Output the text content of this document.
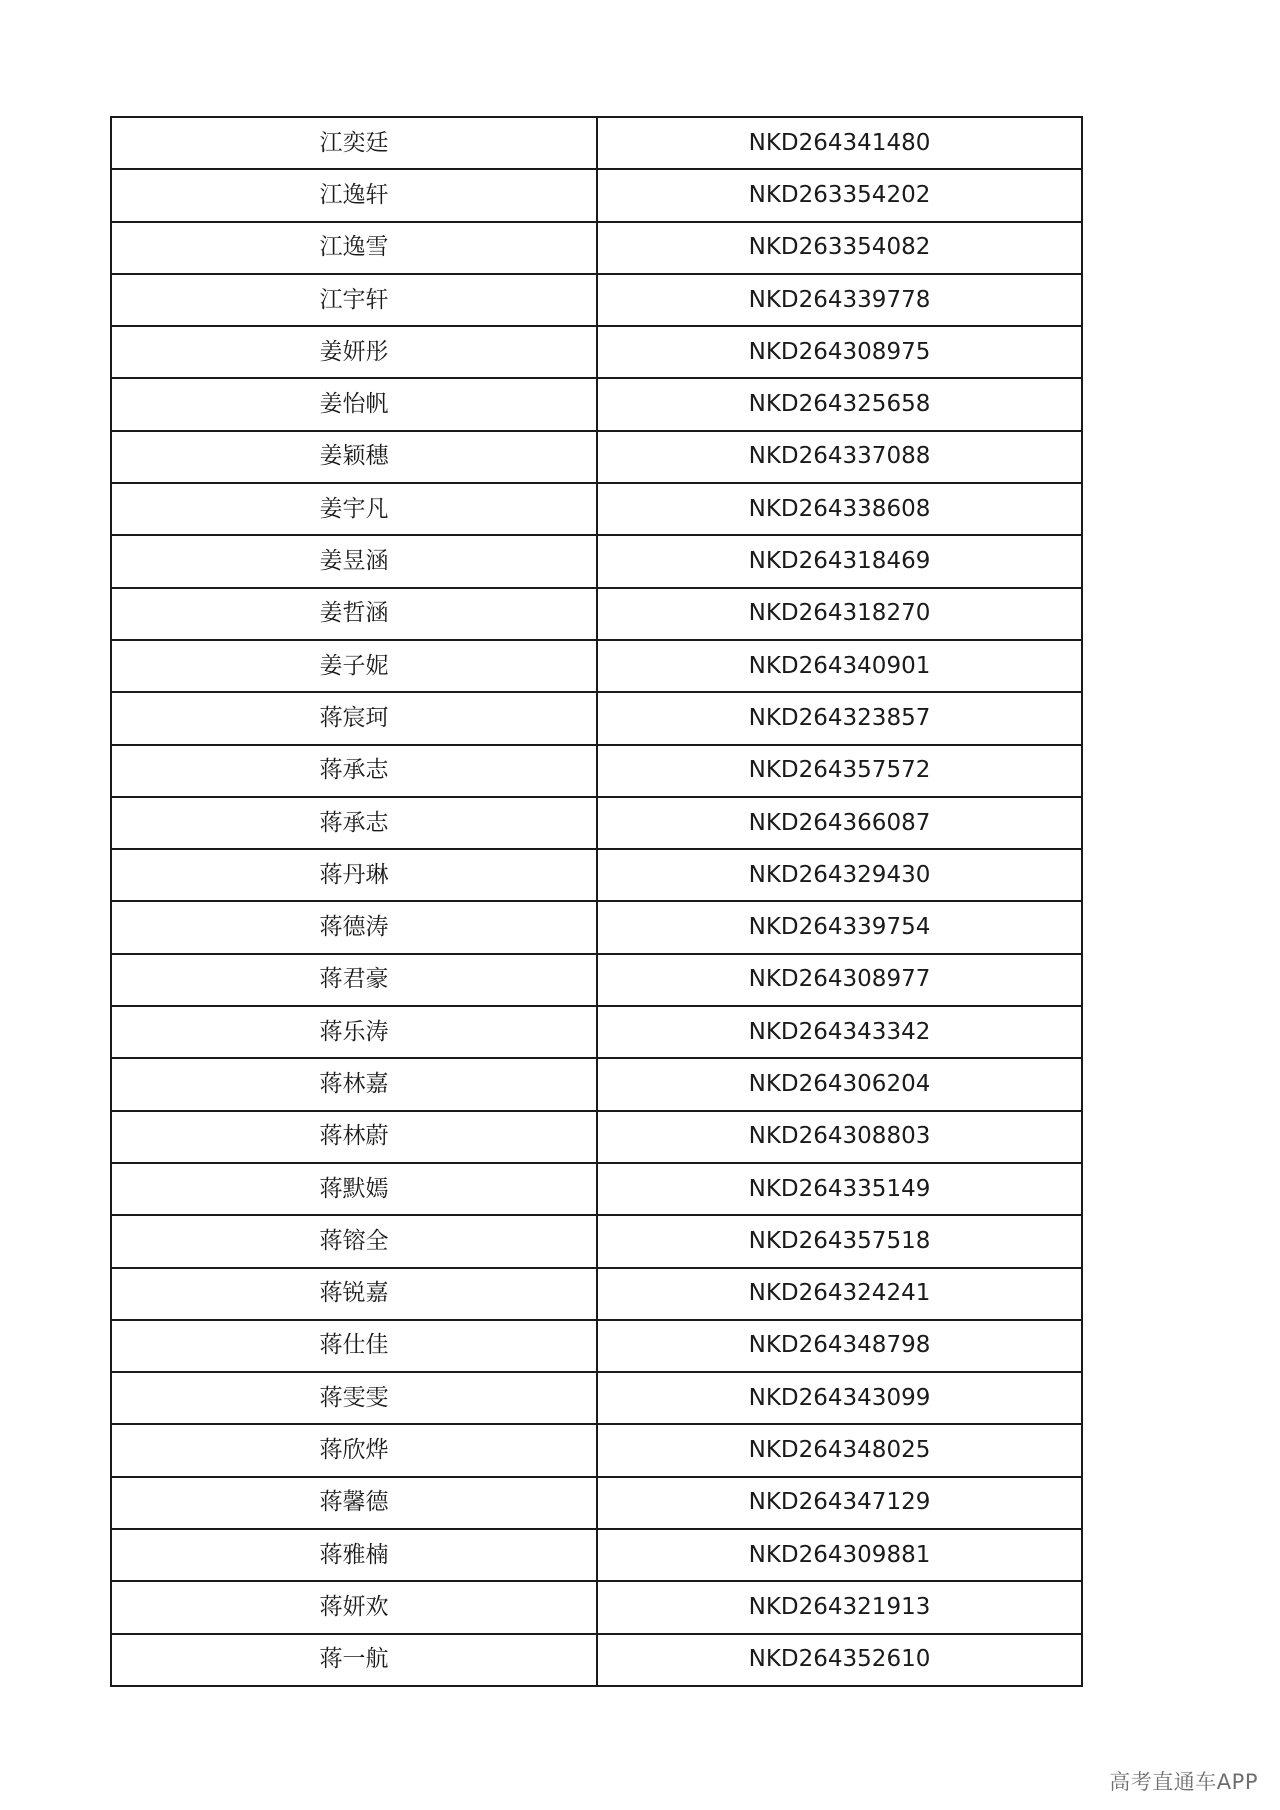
江奕廷	NKD264341480
江逸轩	NKD263354202
江逸雪	NKD263354082
江宇轩	NKD264339778
姜妍彤	NKD264308975
姜怡帆	NKD264325658
姜颖穗	NKD264337088
姜宇凡	NKD264338608
姜昱涵	NKD264318469
姜哲涵	NKD264318270
姜子妮	NKD264340901
蒋宸珂	NKD264323857
蒋承志	NKD264357572
蒋承志	NKD264366087
蒋丹琳	NKD264329430
蒋德涛	NKD264339754
蒋君豪	NKD264308977
蒋乐涛	NKD264343342
蒋林嘉	NKD264306204
蒋林蔚	NKD264308803
蒋默嫣	NKD264335149
蒋镕全	NKD264357518
蒋锐嘉	NKD264324241
蒋仕佳	NKD264348798
蒋雯雯	NKD264343099
蒋欣烨	NKD264348025
蒋馨德	NKD264347129
蒋雅楠	NKD264309881
蒋妍欢	NKD264321913
蒋一航	NKD264352610
高考直通车APP
